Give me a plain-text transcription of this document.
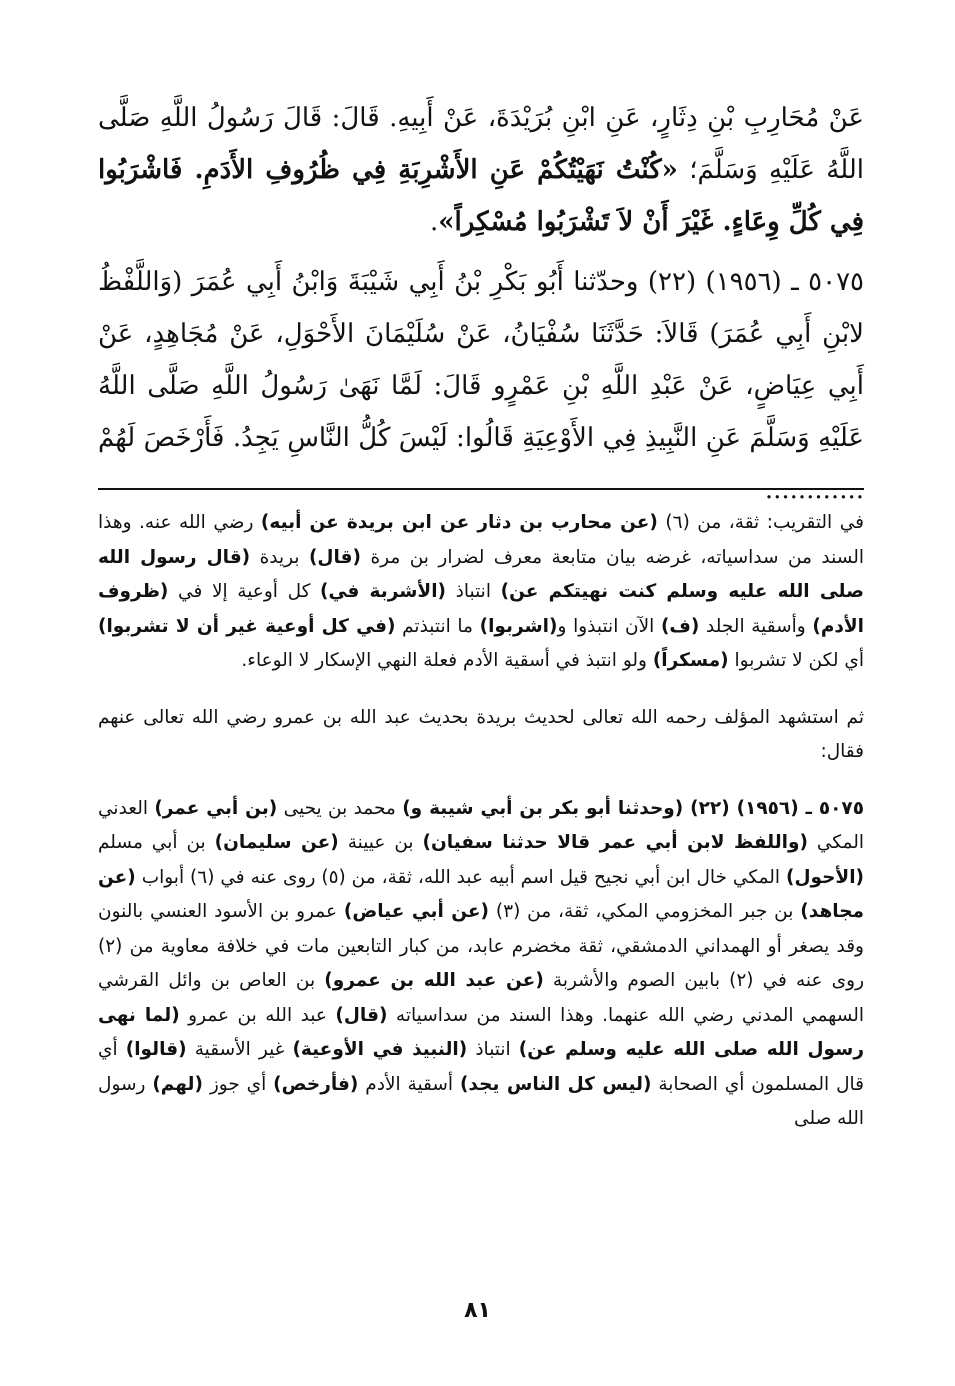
عَنْ مُحَارِبِ بْنِ دِثَارٍ، عَنِ ابْنِ بُرَيْدَةَ، عَنْ أَبِيهِ. قَالَ: قَالَ رَسُولُ اللَّهِ صَلَّى اللَّهُ عَلَيْهِ وَسَلَّمَ؛ «كُنْتُ نَهَيْتُكُمْ عَنِ الأَشْرِبَةِ فِي ظُرُوفِ الأَدَمِ. فَاشْرَبُوا فِي كُلِّ وِعَاءٍ. غَيْرَ أَنْ لاَ تَشْرَبُوا مُسْكِراً».

٥٠٧٥ ـ (١٩٥٦) (٢٢) وحدّثنا أَبُو بَكْرِ بْنُ أَبِي شَيْبَةَ وَابْنُ أَبِي عُمَرَ (وَاللَّفْظُ لابْنِ أَبِي عُمَرَ) قَالاَ: حَدَّثَنَا سُفْيَانُ، عَنْ سُلَيْمَانَ الأَحْوَلِ، عَنْ مُجَاهِدٍ، عَنْ أَبِي عِيَاضٍ، عَنْ عَبْدِ اللَّهِ بْنِ عَمْرٍو قَالَ: لَمَّا نَهَىٰ رَسُولُ اللَّهِ صَلَّى اللَّهُ عَلَيْهِ وَسَلَّمَ عَنِ النَّبِيذِ فِي الأَوْعِيَةِ قَالُوا: لَيْسَ كُلُّ النَّاسِ يَجِدُ. فَأَرْخَصَ لَهُمْ ............

في التقريب: ثقة، من (٦) (عن محارب بن دثار عن ابن بريدة عن أبيه) رضي الله عنه. وهذا السند من سداسياته، غرضه بيان متابعة معرف لضرار بن مرة (قال) بريدة (قال رسول الله صلى الله عليه وسلم كنت نهيتكم عن) انتباذ (الأشربة في) كل أوعية إلا في (ظروف الأدم) وأسقية الجلد (ف) الآن انتبذوا و(اشربوا) ما انتبذتم (في كل أوعية غير أن لا تشربوا) أي لكن لا تشربوا (مسكراً) ولو انتبذ في أسقية الأدم فعلة النهي الإسكار لا الوعاء.

ثم استشهد المؤلف رحمه الله تعالى لحديث بريدة بحديث عبد الله بن عمرو رضي الله تعالى عنهم فقال:

٥٠٧٥ ـ (١٩٥٦) (٢٢) (وحدثنا أبو بكر بن أبي شيبة و) محمد بن يحيى (بن أبي عمر) العدني المكي (واللفظ لابن أبي عمر قالا حدثنا سفيان) بن عيينة (عن سليمان) بن أبي مسلم (الأحول) المكي خال ابن أبي نجيح قيل اسم أبيه عبد الله، ثقة، من (٥) روى عنه في (٦) أبواب (عن مجاهد) بن جبر المخزومي المكي، ثقة، من (٣) (عن أبي عياض) عمرو بن الأسود العنسي بالنون وقد يصغر أو الهمداني الدمشقي، ثقة مخضرم عابد، من كبار التابعين مات في خلافة معاوية من (٢) روى عنه في (٢) بابين الصوم والأشربة (عن عبد الله بن عمرو) بن العاص بن وائل القرشي السهمي المدني رضي الله عنهما. وهذا السند من سداسياته (قال) عبد الله بن عمرو (لما نهى رسول الله صلى الله عليه وسلم عن) انتباذ (النبيذ في الأوعية) غير الأسقية (قالوا) أي قال المسلمون أي الصحابة (ليس كل الناس يجد) أسقية الأدم (فأرخص) أي جوز (لهم) رسول الله صلى

٨١
